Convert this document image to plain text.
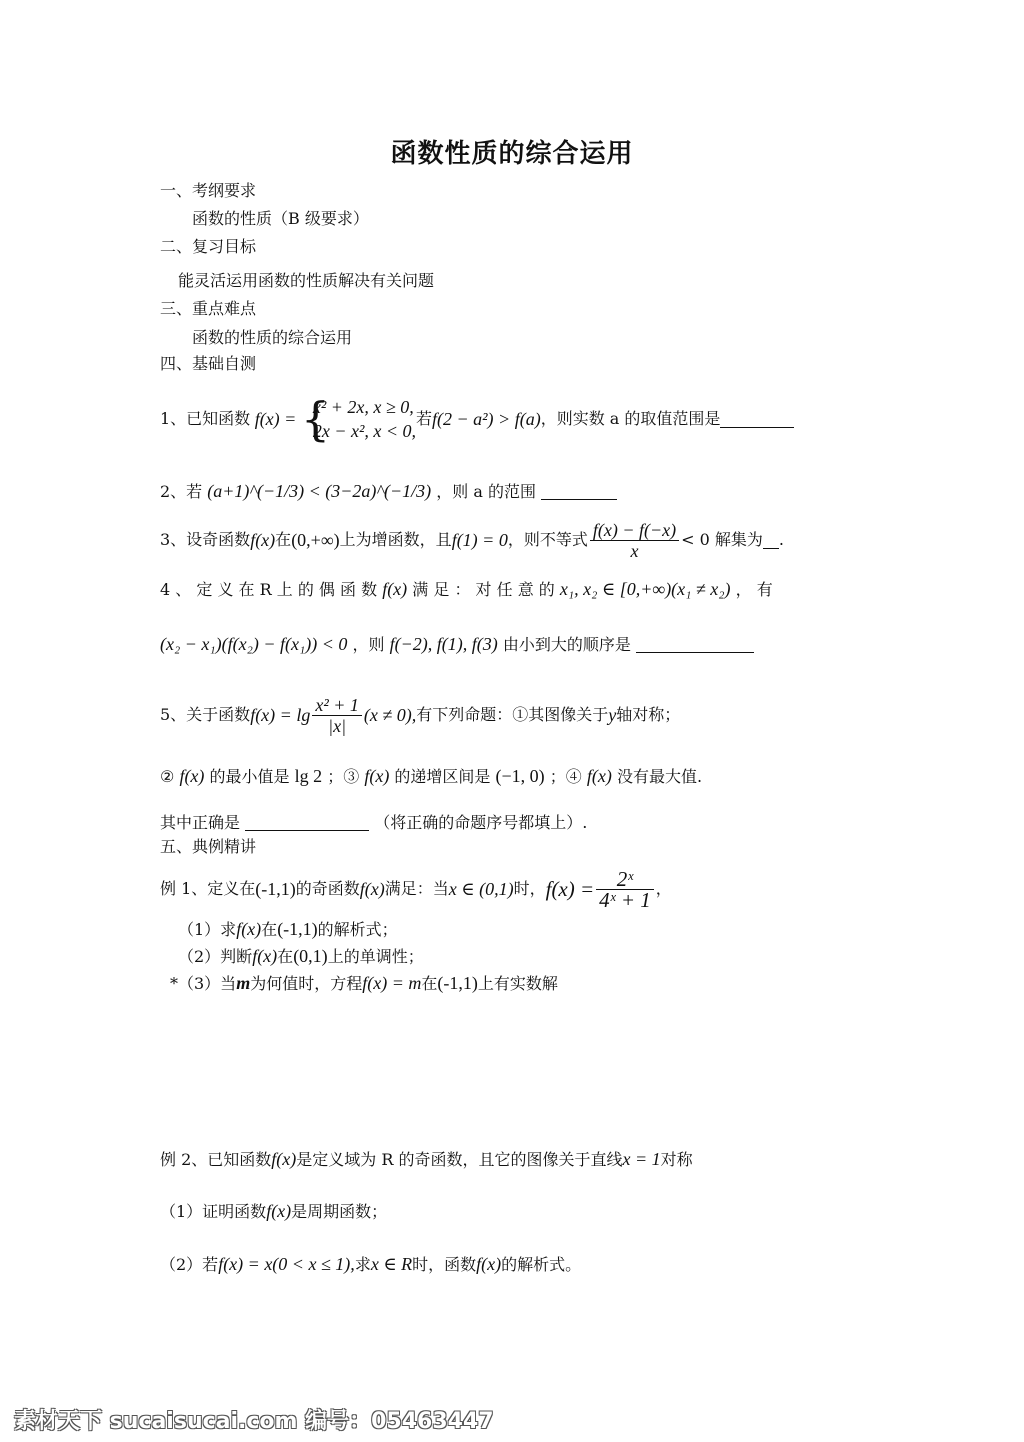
函数性质的综合运用
一、考纲要求
函数的性质（B 级要求）
二、复习目标
能灵活运用函数的性质解决有关问题
三、重点难点
函数的性质的综合运用
四、基础自测
1、已知函数 f(x) = {
x² + 2x, x ≥ 0,
2x − x², x < 0,
若 f(2 − a²) > f(a) ，则实数 a 的取值范围是
2、若 (a+1)^(−1/3) < (3−2a)^(−1/3) ，则 a 的范围
3、设奇函数 f(x) 在 (0,+∞) 上为增函数，且 f(1) = 0 ，则不等式 $\frac{f(x) - f(-x)}{x} < 0$ 解集为 .
4 、 定 义 在 R 上 的 偶 函 数 f(x) 满 足 ： 对 任 意 的 x₁, x₂ ∈ [0,+∞)(x₁ ≠ x₂) ， 有
(x₂ − x₁)(f(x₂) − f(x₁)) < 0 ，则 f(−2), f(1), f(3) 由小到大的顺序是
5、关于函数 $f(x) = \lg \frac{\text{x² + 1}}{|x|} (x \ne 0)$, 有下列命题：①其图像关于 y 轴对称；
② f(x) 的最小值是 lg 2 ；③ f(x) 的递增区间是 (−1, 0) ；④ f(x) 没有最大值.
其中正确是	（将正确的命题序号都填上）.
五、典例精讲
例 1、定义在 (-1,1) 的奇函数 f(x) 满足：当 x ∈ (0,1) 时， $f(x) = \frac{\text{2ˣ}}{\text{4ˣ + 1}}$ ，
（1）求f(x)在(-1,1)的解析式；
（2）判断f(x)在(0,1)上的单调性；
*（3）当m为何值时，方程f(x) = m在(-1,1)上有实数解
例 2、已知函数f(x)是定义域为 R 的奇函数，且它的图像关于直线x = 1对称
（1）证明函数f(x)是周期函数；
（2）若f(x) = x(0 < x ≤ 1),求x ∈ R时，函数f(x)的解析式。
素材天下 sucaisucai.com 编号：05463447
